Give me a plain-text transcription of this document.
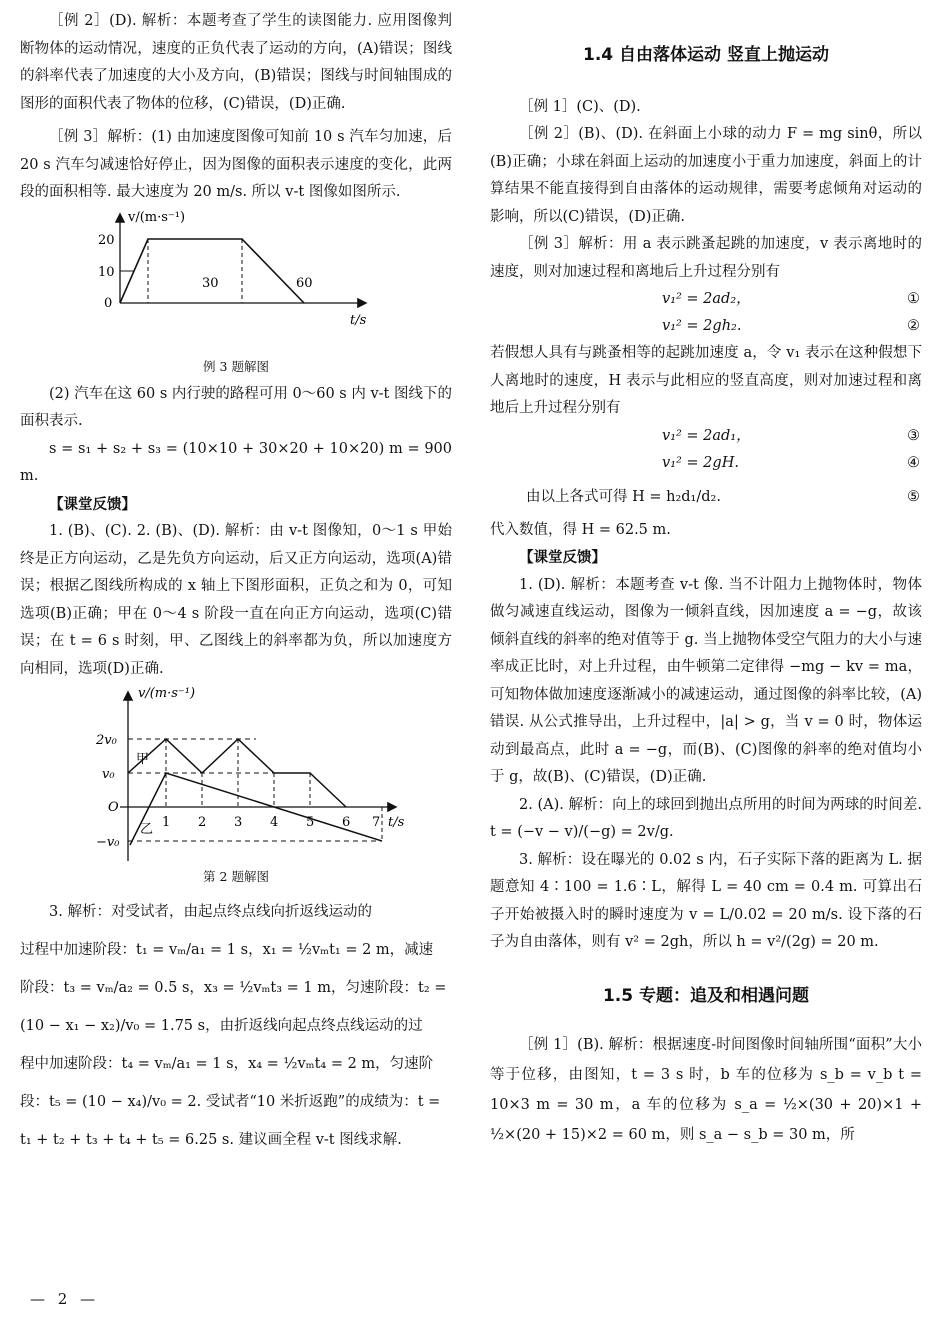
［例 2］(D). 解析：本题考查了学生的读图能力. 应用图像判断物体的运动情况，速度的正负代表了运动的方向，(A)错误；图线的斜率代表了加速度的大小及方向，(B)错误；图线与时间轴围成的图形的面积代表了物体的位移，(C)错误，(D)正确.

［例 3］解析：(1) 由加速度图像可知前 10 s 汽车匀加速，后 20 s 汽车匀减速恰好停止，因为图像的面积表示速度的变化，此两段的面积相等. 最大速度为 20 m/s. 所以 v-t 图像如图所示.

v/(m·s⁻¹)
20
10
0
30	60
t/s

例 3 题解图

(2) 汽车在这 60 s 内行驶的路程可用 0～60 s 内 v-t 图线下的面积表示.

s = s₁ + s₂ + s₃ = (10×10 + 30×20 + 10×20) m = 900 m.

【课堂反馈】

1. (B)、(C). 2. (B)、(D). 解析：由 v-t 图像知，0～1 s 甲始终是正方向运动，乙是先负方向运动，后又正方向运动，选项(A)错误；根据乙图线所构成的 x 轴上下图形面积，正负之和为 0，可知选项(B)正确；甲在 0～4 s 阶段一直在向正方向运动，选项(C)错误；在 t = 6 s 时刻，甲、乙图线上的斜率都为负，所以加速度方向相同，选项(D)正确.

v/(m·s⁻¹)
2v₀
v₀
−v₀
O
1 2 3 4 5 6 7 t/s
甲
乙

第 2 题解图

3. 解析：对受试者，由起点终点线向折返线运动的

过程中加速阶段：t₁ = vₘ/a₁ = 1 s，x₁ = ½vₘt₁ = 2 m，减速

阶段：t₃ = vₘ/a₂ = 0.5 s，x₃ = ½vₘt₃ = 1 m，匀速阶段：t₂ =

(10 − x₁ − x₂)/v₀ = 1.75 s，由折返线向起点终点线运动的过

程中加速阶段：t₄ = vₘ/a₁ = 1 s，x₄ = ½vₘt₄ = 2 m，匀速阶

段：t₅ = (10 − x₄)/v₀ = 2. 受试者“10 米折返跑”的成绩为：t =

t₁ + t₂ + t₃ + t₄ + t₅ = 6.25 s. 建议画全程 v-t 图线求解.

— 2 —

1.4 自由落体运动 竖直上抛运动

［例 1］(C)、(D).

［例 2］(B)、(D). 在斜面上小球的动力 F = mg sinθ，所以(B)正确；小球在斜面上运动的加速度小于重力加速度，斜面上的计算结果不能直接得到自由落体的运动规律，需要考虑倾角对运动的影响，所以(C)错误，(D)正确.

［例 3］解析：用 a 表示跳蚤起跳的加速度，v 表示离地时的速度，则对加速过程和离地后上升过程分别有

v₁² = 2ad₂，	①
v₁² = 2gh₂.	②

若假想人具有与跳蚤相等的起跳加速度 a，令 v₁ 表示在这种假想下人离地时的速度，H 表示与此相应的竖直高度，则对加速过程和离地后上升过程分别有

v₁² = 2ad₁，	③
v₁² = 2gH.	④
由以上各式可得 H = h₂d₁/d₂.	⑤

代入数值，得 H = 62.5 m.

【课堂反馈】

1. (D). 解析：本题考查 v-t 像. 当不计阻力上抛物体时，物体做匀减速直线运动，图像为一倾斜直线，因加速度 a = −g，故该倾斜直线的斜率的绝对值等于 g. 当上抛物体受空气阻力的大小与速率成正比时，对上升过程，由牛顿第二定律得 −mg − kv = ma，可知物体做加速度逐渐减小的减速运动，通过图像的斜率比较，(A)错误. 从公式推导出，上升过程中，|a| > g，当 v = 0 时，物体运动到最高点，此时 a = −g，而(B)、(C)图像的斜率的绝对值均小于 g，故(B)、(C)错误，(D)正确.

2. (A). 解析：向上的球回到抛出点所用的时间为两球的时间差. t = (−v − v)/(−g) = 2v/g.

3. 解析：设在曝光的 0.02 s 内，石子实际下落的距离为 L. 据题意知 4∶100 = 1.6∶L，解得 L = 40 cm = 0.4 m. 可算出石子开始被摄入时的瞬时速度为 v = L/0.02 = 20 m/s. 设下落的石子为自由落体，则有 v² = 2gh，所以 h = v²/(2g) = 20 m.

1.5 专题：追及和相遇问题

［例 1］(B). 解析：根据速度-时间图像时间轴所围“面积”大小等于位移，由图知，t = 3 s 时，b 车的位移为 s_b = v_b t = 10×3 m = 30 m，a 车的位移为 s_a = ½×(30 + 20)×1 + ½×(20 + 15)×2 = 60 m，则 s_a − s_b = 30 m，所
